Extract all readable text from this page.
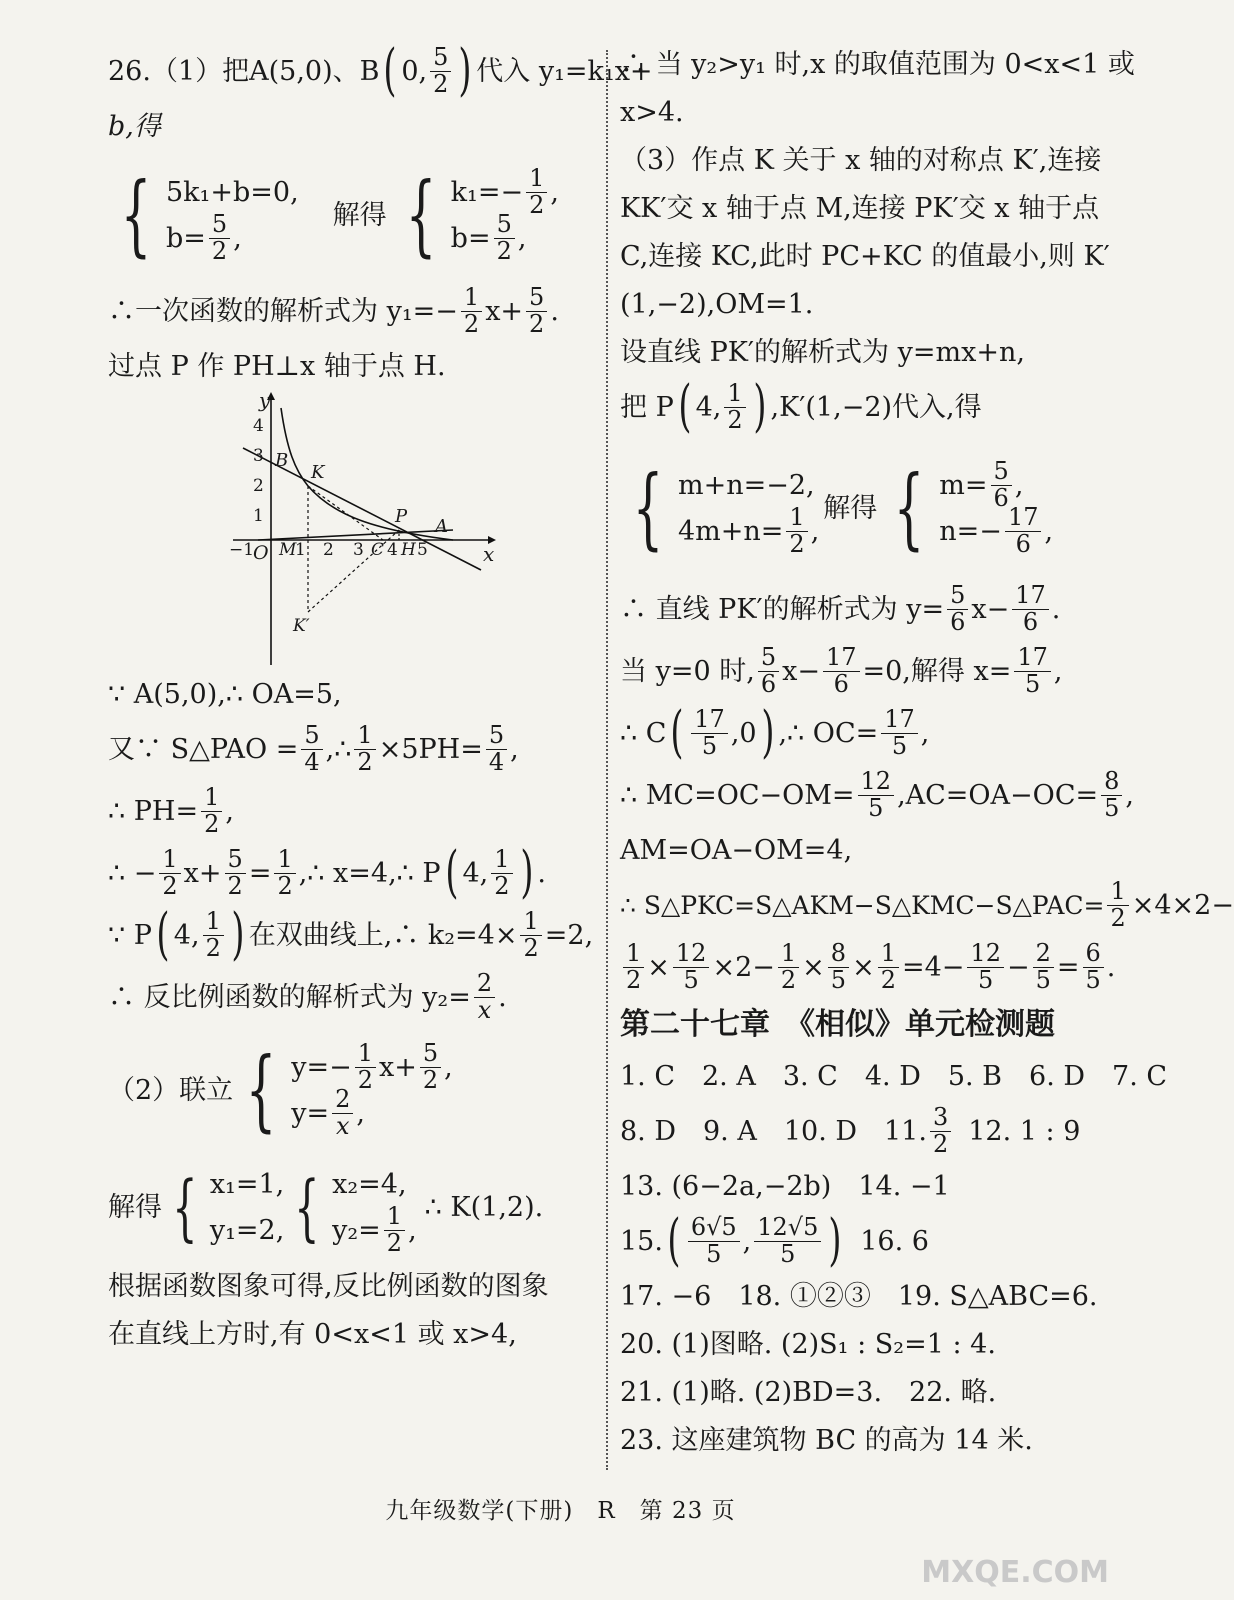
26.（1）把A(5,0)、B ( 0, $\frac{5}{2}$ ) 代入 y₁=k₁x+
b,得
{ 5k₁+b=0,
$b= \frac{5}{2}$ ,
解得 { $k_1=- \frac{1}{2}$ ,
$b= \frac{5}{2}$ ,
∴一次函数的解析式为 $y_1=- \frac{1}{2} x+ \frac{5}{2}$ .
过点 P 作 PH⊥x 轴于点 H.
y
x
O
−1 1 2 3 4 5
1
2
3
4
B
K
P A
M	C H
K′
∵ A(5,0),∴ OA=5,
又∵ S△PAO = $\frac{5}{4}$ ,∴ $\frac{1}{2} \times 5PH= \frac{5}{4}$ ,
∴ $PH= \frac{1}{2}$ ,
∴ − $\frac{1}{2} x+ \frac{5}{2} = \frac{1}{2}$ ,∴ x=4,∴ P ( 4, $\frac{1}{2}$ ) .
∵ P ( 4, $\frac{1}{2}$ ) 在双曲线上,∴ $k_2=4\times \frac{1}{2} =2$,
∴ 反比例函数的解析式为 $y_2= \frac{2}{x}$ .
（2）联立 { $y=- \frac{1}{2} x+ \frac{5}{2}$ ,
$y= \frac{2}{x}$ ,
解得 { x₁=1,
y₁=2, { x₂=4,
$y_2= \frac{1}{2}$ ,
∴ K(1,2).
根据函数图象可得,反比例函数的图象
在直线上方时,有 0<x<1 或 x>4,
∴ 当 y₂>y₁ 时,x 的取值范围为 0<x<1 或
x>4.
（3）作点 K 关于 x 轴的对称点 K′,连接
KK′交 x 轴于点 M,连接 PK′交 x 轴于点
C,连接 KC,此时 PC+KC 的值最小,则 K′
(1,−2),OM=1.
设直线 PK′的解析式为 y=mx+n,
把 P ( 4, $\frac{1}{2}$ ) ,K′(1,−2)代入,得
{ m+n=−2,
$4m+n= \frac{1}{2}$ ,
解得 { $m= \frac{5}{6}$ ,
$n=- \frac{17}{6}$ ,
∴ 直线 PK′的解析式为 $y= \frac{5}{6} x- \frac{17}{6}$ .
当 y=0 时, $\frac{5}{6} x- \frac{17}{6} =0$,解得 $x= \frac{17}{5}$ ,
∴ C ( $\frac{17}{5}$ , 0 ) ,∴ $OC= \frac{17}{5}$ ,
∴ $MC=OC-OM= \frac{12}{5} ,AC=OA-OC= \frac{8}{5}$ ,
AM=OA−OM=4,
∴ S△PKC=S△AKM−S△KMC−S△PAC= $\frac{1}{2} \times 4\times 2-$
$\frac{1}{2} \times \frac{12}{5} \times 2- \frac{1}{2} \times \frac{8}{5} \times \frac{1}{2} =4- \frac{12}{5} - \frac{2}{5} = \frac{6}{5}$ .
第二十七章　《相似》单元检测题
1. C　2. A　3. C　4. D　5. B　6. D　7. C
8. D　9. A　10. D　11. $\frac{3}{2} 12$. 1 : 9
13. (6−2a,−2b)　14. −1
15. ( $\frac{6√5}{5}$ , $\frac{12√5}{5}$ ) 16. 6
17. −6　18. ①②③　19. S△ABC=6.
20. (1)图略. (2)S₁ : S₂=1 : 4.
21. (1)略. (2)BD=3.　22. 略.
23. 这座建筑物 BC 的高为 14 米.
九年级数学(下册)　R　第 23 页
MXQE.COM
